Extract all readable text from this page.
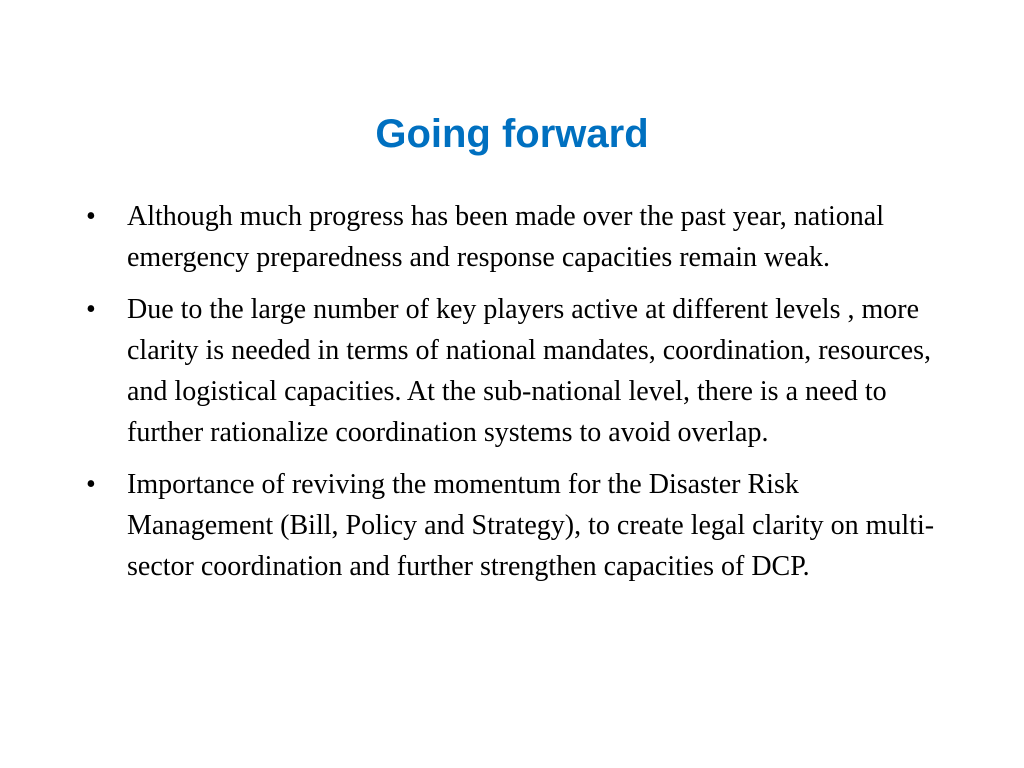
Going forward
• Although much progress has been made over the past year, national emergency preparedness and response capacities remain weak.
• Due to the large number of key players active at different levels , more clarity is needed in terms of national mandates, coordination, resources, and logistical capacities. At the sub-national level, there is a need to further rationalize coordination systems to avoid overlap.
• Importance of reviving the momentum for the Disaster Risk Management (Bill, Policy and Strategy), to create legal clarity on multi-sector coordination and further strengthen capacities of DCP.
